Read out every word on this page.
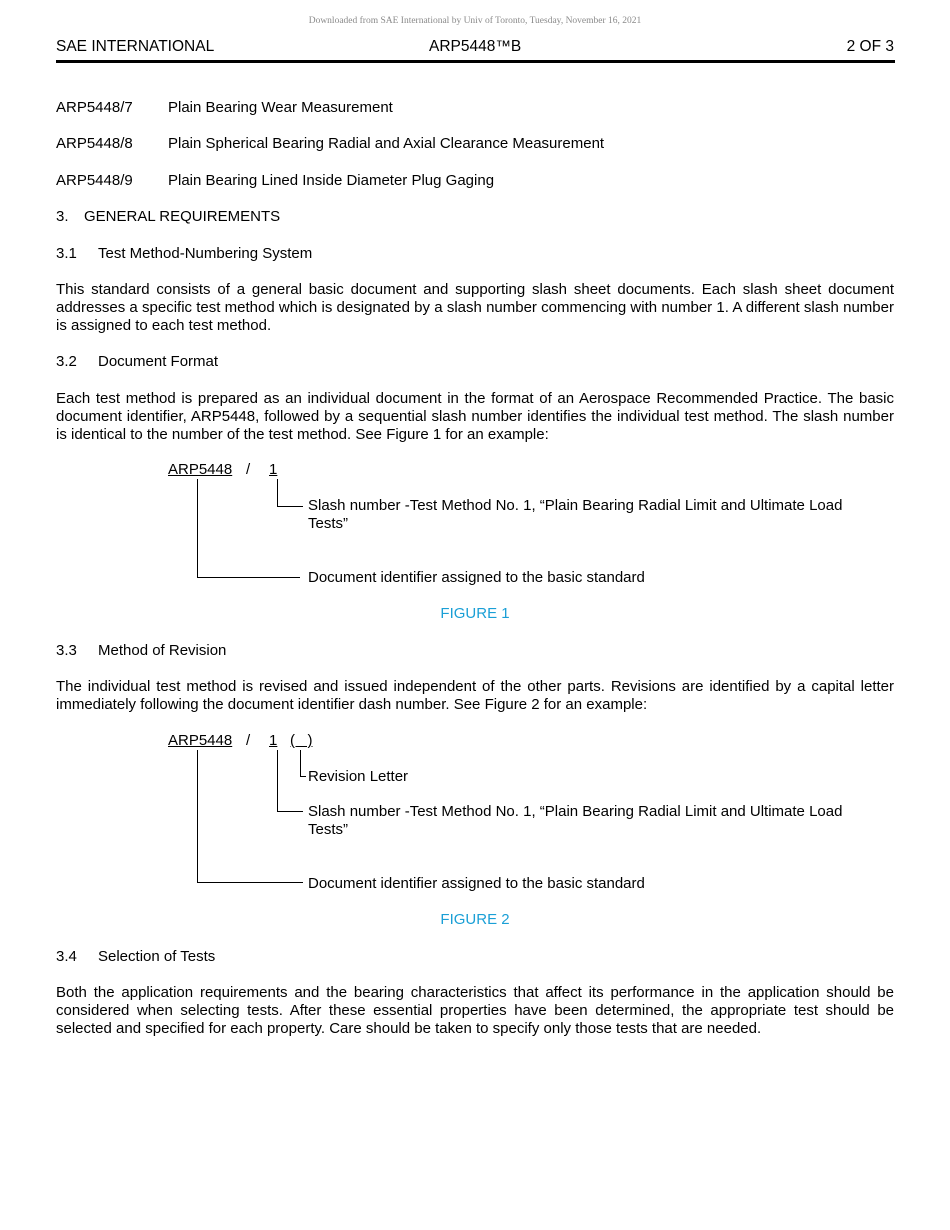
Downloaded from SAE International by Univ of Toronto, Tuesday, November 16, 2021
SAE INTERNATIONAL	ARP5448™B	2 OF 3
ARP5448/7 Plain Bearing Wear Measurement
ARP5448/8 Plain Spherical Bearing Radial and Axial Clearance Measurement
ARP5448/9 Plain Bearing Lined Inside Diameter Plug Gaging
3. GENERAL REQUIREMENTS
3.1 Test Method-Numbering System
This standard consists of a general basic document and supporting slash sheet documents. Each slash sheet document addresses a specific test method which is designated by a slash number commencing with number 1. A different slash number is assigned to each test method.
3.2 Document Format
Each test method is prepared as an individual document in the format of an Aerospace Recommended Practice. The basic document identifier, ARP5448, followed by a sequential slash number identifies the individual test method. The slash number is identical to the number of the test method. See Figure 1 for an example:
ARP5448 / 1
Slash number -Test Method No. 1, “Plain Bearing Radial Limit and Ultimate Load
Tests”
Document identifier assigned to the basic standard
FIGURE 1
3.3 Method of Revision
The individual test method is revised and issued independent of the other parts. Revisions are identified by a capital letter immediately following the document identifier dash number. See Figure 2 for an example:
ARP5448 / 1 (   )
Revision Letter
Slash number -Test Method No. 1, “Plain Bearing Radial Limit and Ultimate Load
Tests”
Document identifier assigned to the basic standard
FIGURE 2
3.4 Selection of Tests
Both the application requirements and the bearing characteristics that affect its performance in the application should be considered when selecting tests. After these essential properties have been determined, the appropriate test should be selected and specified for each property. Care should be taken to specify only those tests that are needed.
